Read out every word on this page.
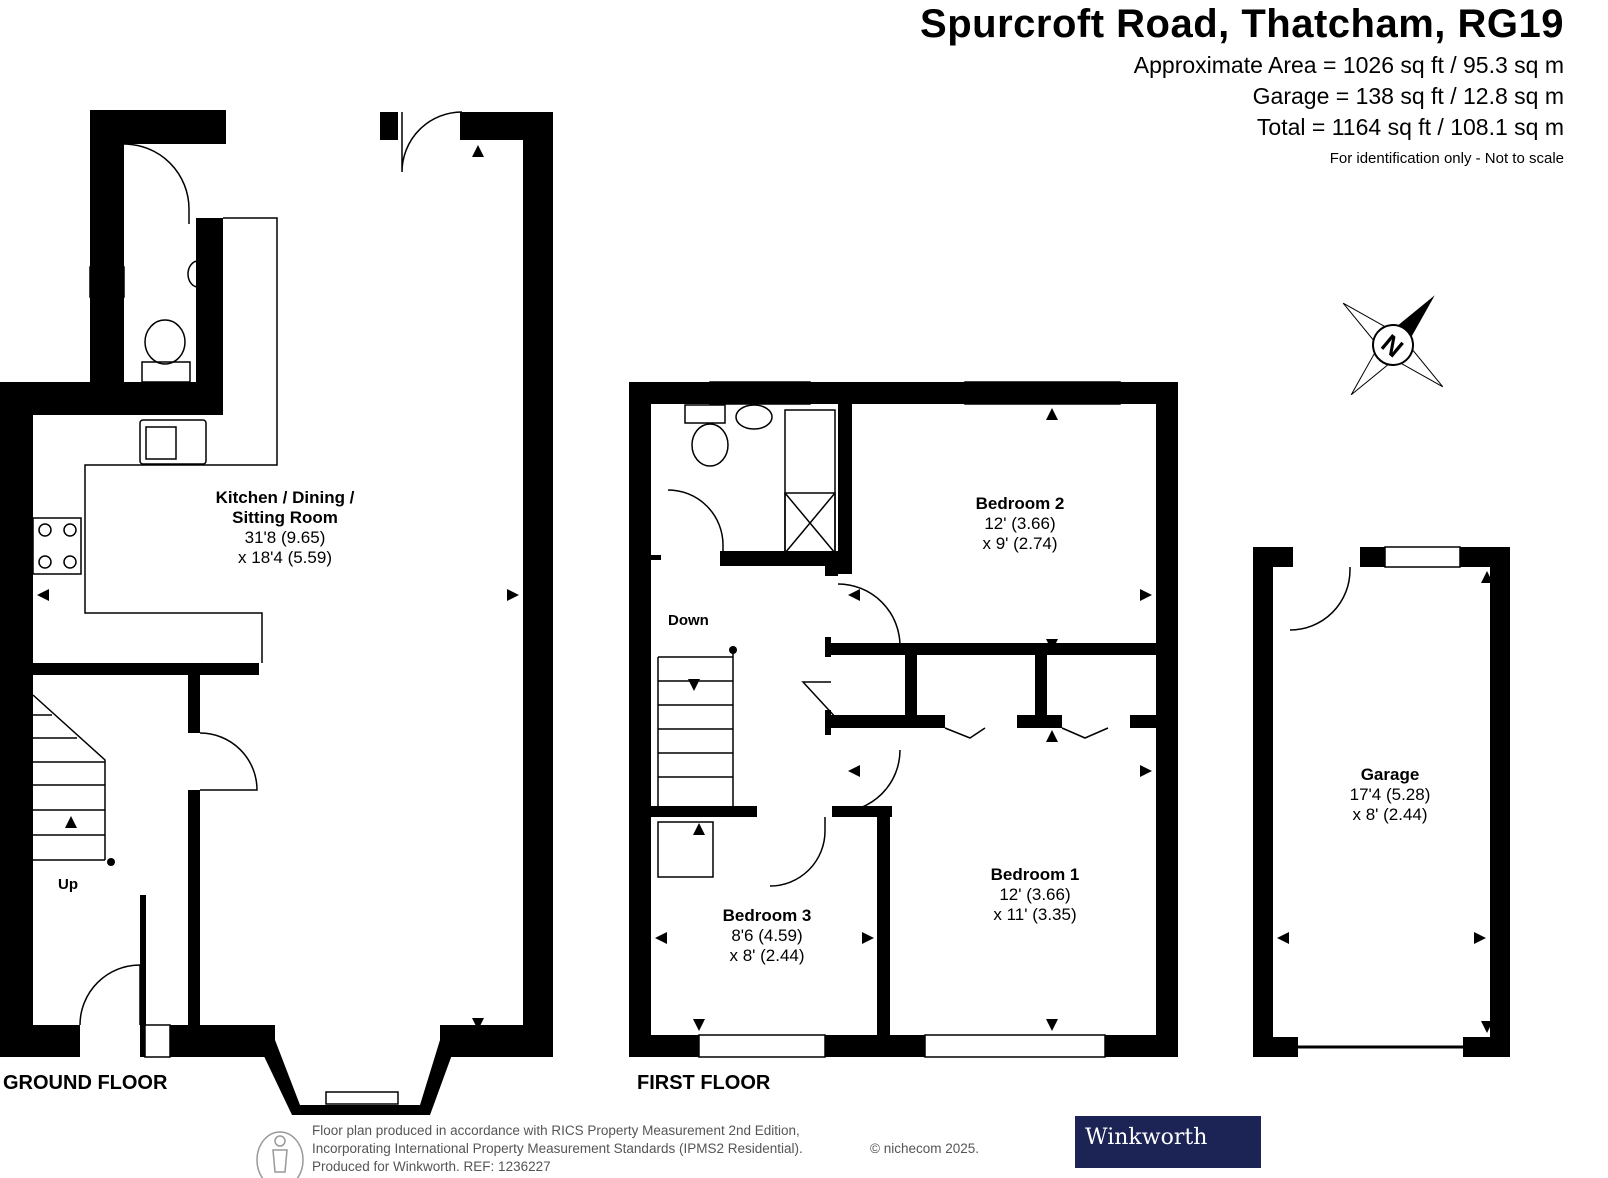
Spurcroft Road, Thatcham, RG19
Approximate Area = 1026 sq ft / 95.3 sq m
Garage = 138 sq ft / 12.8 sq m
Total = 1164 sq ft / 108.1 sq m
For identification only - Not to scale
N
Kitchen / Dining /
Sitting Room
31'8 (9.65)
x 18'4 (5.59)
Bedroom 2
12' (3.66)
x 9' (2.74)
Bedroom 1
12' (3.66)
x 11' (3.35)
Bedroom 3
8'6 (4.59)
x 8' (2.44)
Garage
17'4 (5.28)
x 8' (2.44)
Up
Down
GROUND FLOOR	FIRST FLOOR
Floor plan produced in accordance with RICS Property Measurement 2nd Edition,
Incorporating International Property Measurement Standards (IPMS2 Residential).
Produced for Winkworth. REF: 1236227
© nichecom 2025.	Winkworth
